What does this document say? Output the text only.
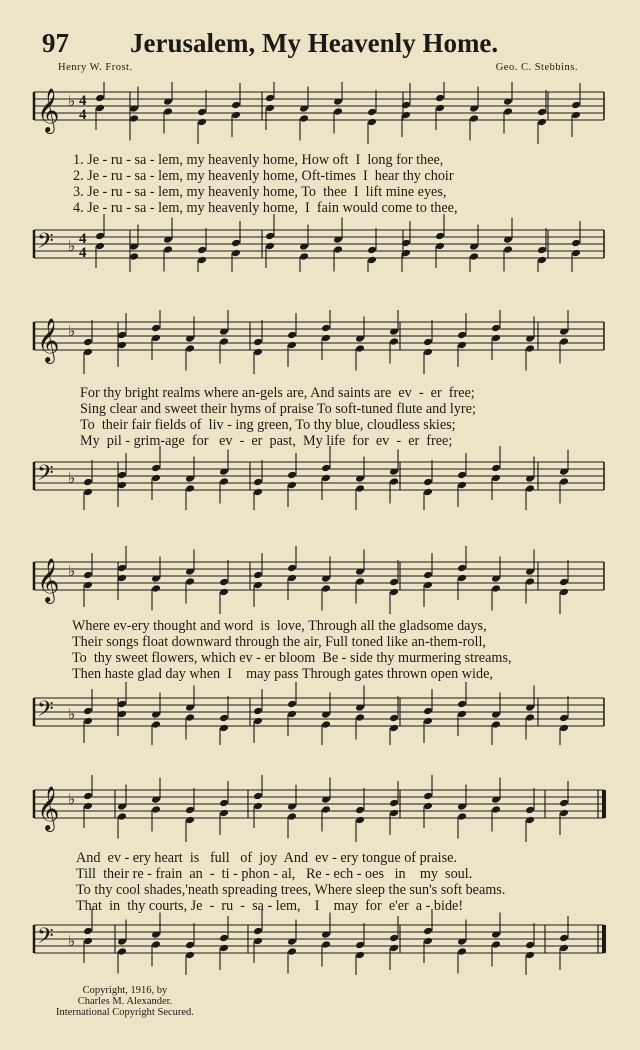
97 Jerusalem, My Heavenly Home.
Henry W. Frost.	Geo. C. Stebbins.
♭
𝄞 4
4
♭
𝄢 4
4
1. Je - ru - sa - lem, my heavenly home, How oft  I  long for thee,
2. Je - ru - sa - lem, my heavenly home, Oft-times  I  hear thy choir
3. Je - ru - sa - lem, my heavenly home, To  thee  I  lift mine eyes,
4. Je - ru - sa - lem, my heavenly home,  I  fain would come to thee,
♭
𝄞
♭
𝄢
For thy bright realms where an-gels are, And saints are  ev  -  er  free;
Sing clear and sweet their hyms of praise To soft-tuned flute and lyre;
To  their fair fields of  liv - ing green, To thy blue, cloudless skies;
My  pil - grim-age  for   ev  -  er  past,  My life  for  ev  -  er  free;
♭
𝄞
♭
𝄢
Where ev-ery thought and word  is  love, Through all the gladsome days,
Their songs float downward through the air, Full toned like an-them-roll,
To  thy sweet flowers, which ev - er bloom  Be - side thy murmering streams,
Then haste glad day when  I    may pass Through gates thrown open wide,
♭
𝄞
♭
𝄢
And  ev - ery heart  is   full   of  joy  And  ev - ery tongue of praise.
Till  their re - frain  an  -  ti - phon - al,   Re - ech - oes   in    my  soul.
To thy cool shades,'neath spreading trees, Where sleep the sun's soft beams.
That  in  thy courts, Je  -  ru  -  sa - lem,    I    may  for  e'er  a - bide!
Copyright, 1916, by
Charles M. Alexander.
International Copyright Secured.
